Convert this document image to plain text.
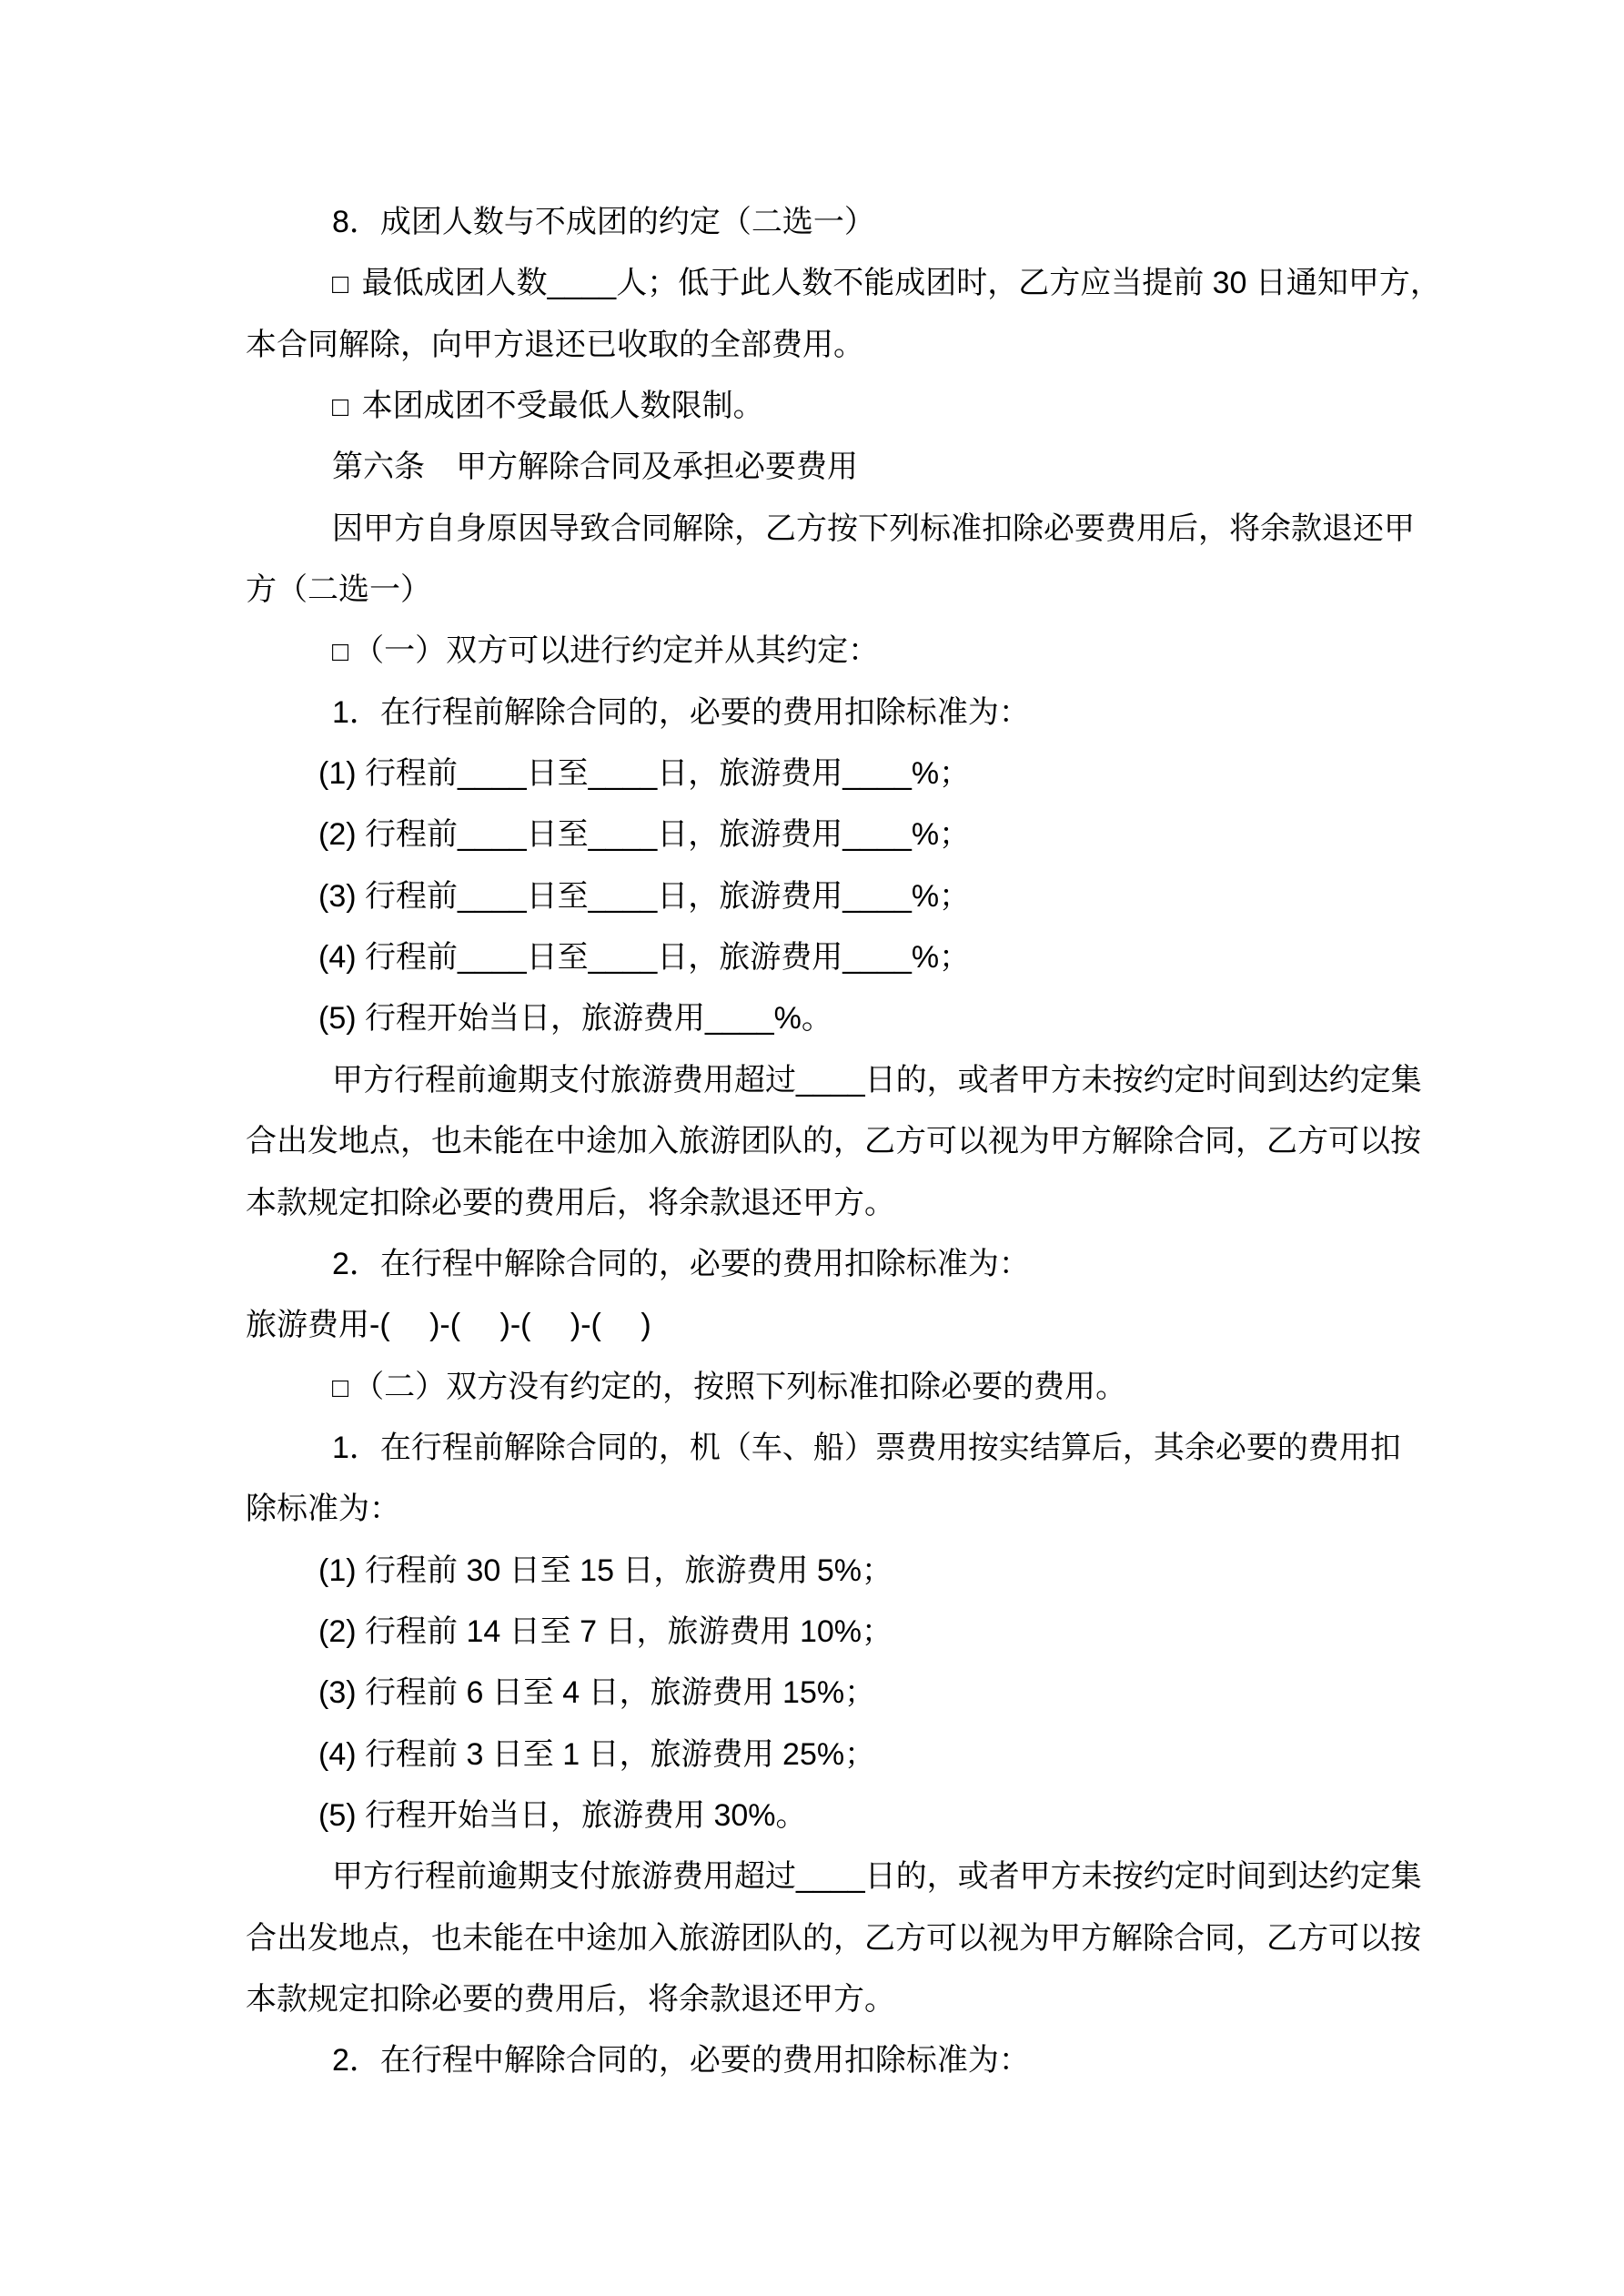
8．成团人数与不成团的约定（二选一）
□ 最低成团人数____人；低于此人数不能成团时，乙方应当提前 30 日通知甲方，
本合同解除，向甲方退还已收取的全部费用。
□ 本团成团不受最低人数限制。
第六条　甲方解除合同及承担必要费用
因甲方自身原因导致合同解除，乙方按下列标准扣除必要费用后，将余款退还甲
方（二选一）
□ （一）双方可以进行约定并从其约定：
1．在行程前解除合同的，必要的费用扣除标准为：
(1) 行程前____日至____日，旅游费用____%；
(2) 行程前____日至____日，旅游费用____%；
(3) 行程前____日至____日，旅游费用____%；
(4) 行程前____日至____日，旅游费用____%；
(5) 行程开始当日，旅游费用____%。
甲方行程前逾期支付旅游费用超过____日的，或者甲方未按约定时间到达约定集
合出发地点，也未能在中途加入旅游团队的，乙方可以视为甲方解除合同，乙方可以按
本款规定扣除必要的费用后，将余款退还甲方。
2．在行程中解除合同的，必要的费用扣除标准为：
旅游费用-(　 )-(　 )-(　 )-(　 )
□ （二）双方没有约定的，按照下列标准扣除必要的费用。
1．在行程前解除合同的，机（车、船）票费用按实结算后，其余必要的费用扣
除标准为：
(1) 行程前 30 日至 15 日，旅游费用 5%；
(2) 行程前 14 日至 7 日，旅游费用 10%；
(3) 行程前 6 日至 4 日，旅游费用 15%；
(4) 行程前 3 日至 1 日，旅游费用 25%；
(5) 行程开始当日，旅游费用 30%。
甲方行程前逾期支付旅游费用超过____日的，或者甲方未按约定时间到达约定集
合出发地点，也未能在中途加入旅游团队的，乙方可以视为甲方解除合同，乙方可以按
本款规定扣除必要的费用后，将余款退还甲方。
2．在行程中解除合同的，必要的费用扣除标准为：
